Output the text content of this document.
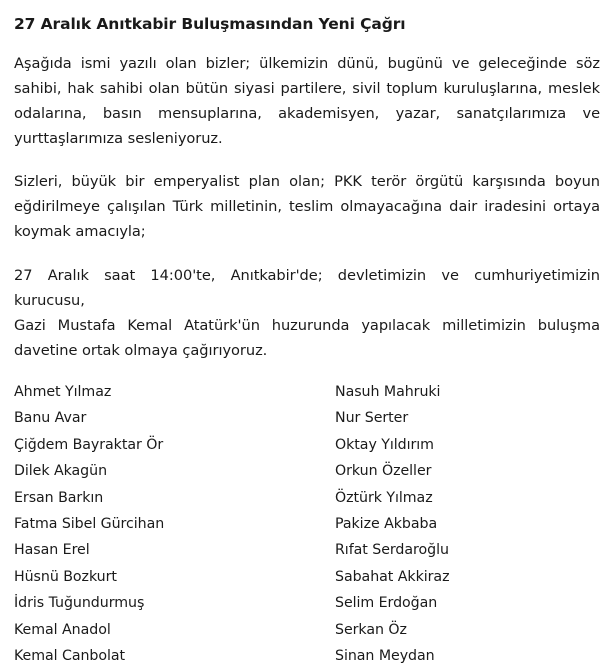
27 Aralık Anıtkabir Buluşmasından Yeni Çağrı

Aşağıda ismi yazılı olan bizler; ülkemizin dünü, bugünü ve geleceğinde söz sahibi, hak sahibi olan bütün siyasi partilere, sivil toplum kuruluşlarına, meslek odalarına, basın mensuplarına, akademisyen, yazar, sanatçılarımıza ve yurttaşlarımıza sesleniyoruz.

Sizleri, büyük bir emperyalist plan olan; PKK terör örgütü karşısında boyun eğdirilmeye çalışılan Türk milletinin, teslim olmayacağına dair iradesini ortaya koymak amacıyla;

27 Aralık saat 14:00'te, Anıtkabir'de; devletimizin ve cumhuriyetimizin kurucusu,
Gazi Mustafa Kemal Atatürk'ün huzurunda yapılacak milletimizin buluşma davetine ortak olmaya çağırıyoruz.

Ahmet Yılmaz
Banu Avar
Çiğdem Bayraktar Ör
Dilek Akagün
Ersan Barkın
Fatma Sibel Gürcihan
Hasan Erel
Hüsnü Bozkurt
İdris Tuğundurmuş
Kemal Anadol
Kemal Canbolat
Nasuh Mahruki
Nur Serter
Oktay Yıldırım
Orkun Özeller
Öztürk Yılmaz
Pakize Akbaba
Rıfat Serdaroğlu
Sabahat Akkiraz
Selim Erdoğan
Serkan Öz
Sinan Meydan
